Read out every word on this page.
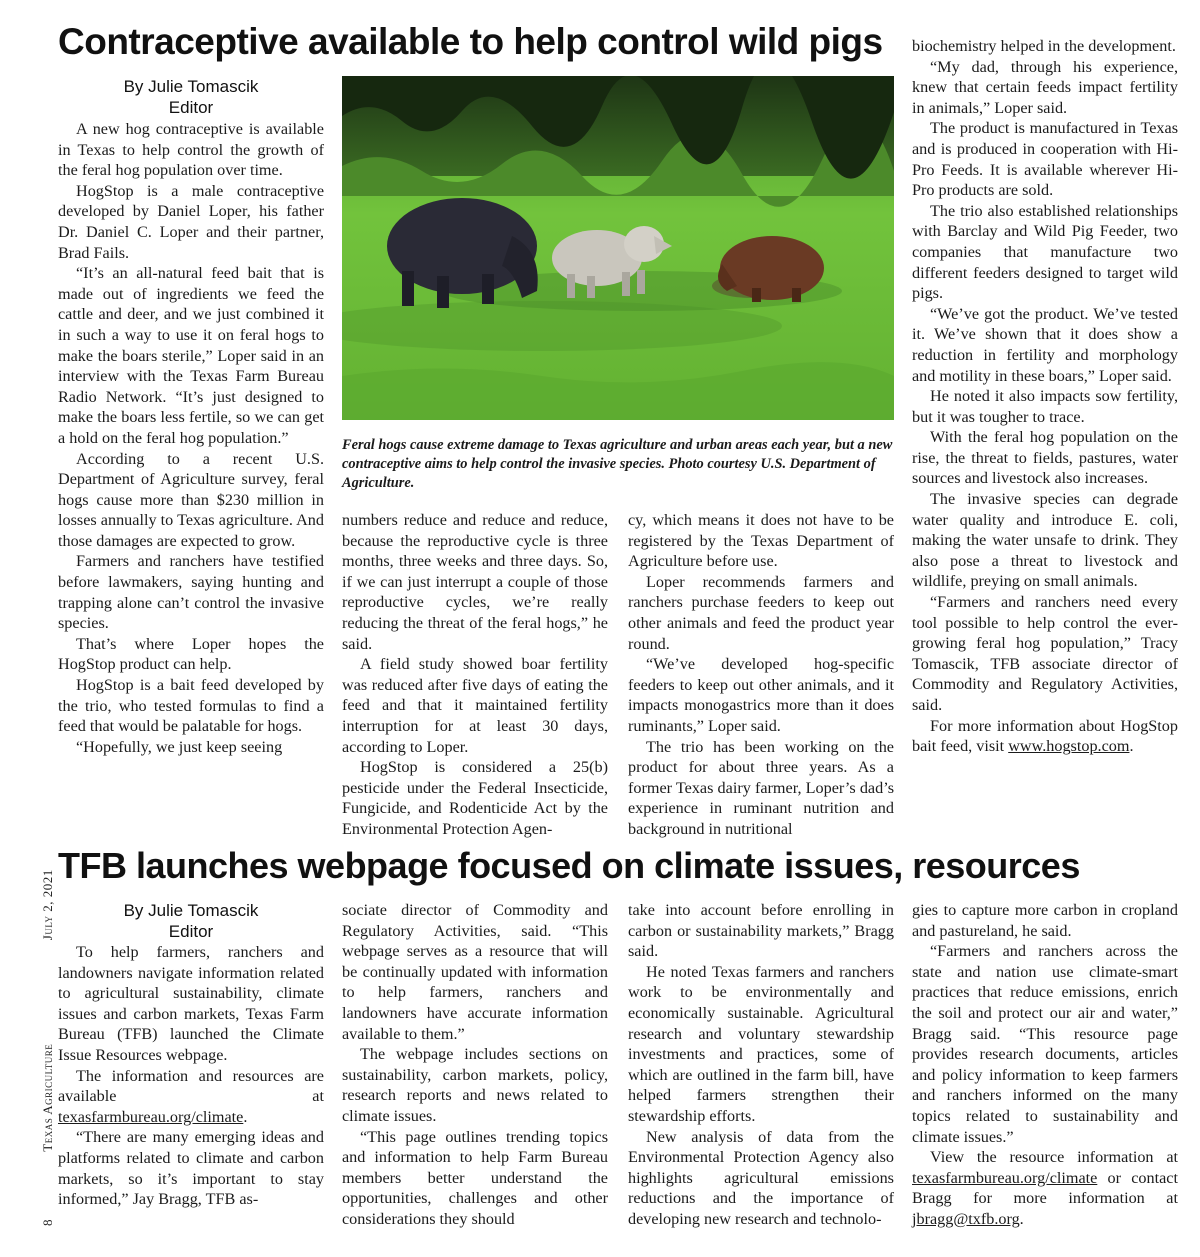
Contraceptive available to help control wild pigs
By Julie Tomascik
Editor

A new hog contraceptive is available in Texas to help control the growth of the feral hog population over time.

HogStop is a male contraceptive developed by Daniel Loper, his father Dr. Daniel C. Loper and their partner, Brad Fails.

“It’s an all-natural feed bait that is made out of ingredients we feed the cattle and deer, and we just combined it in such a way to use it on feral hogs to make the boars sterile,” Loper said in an interview with the Texas Farm Bureau Radio Network. “It’s just designed to make the boars less fertile, so we can get a hold on the feral hog population.”

According to a recent U.S. Department of Agriculture survey, feral hogs cause more than $230 million in losses annually to Texas agriculture. And those damages are expected to grow.

Farmers and ranchers have testified before lawmakers, saying hunting and trapping alone can’t control the invasive species.

That’s where Loper hopes the HogStop product can help.

HogStop is a bait feed developed by the trio, who tested formulas to find a feed that would be palatable for hogs.

“Hopefully, we just keep seeing

Feral hogs cause extreme damage to Texas agriculture and urban areas each year, but a new contraceptive aims to help control the invasive species. Photo courtesy U.S. Department of Agriculture.

numbers reduce and reduce and reduce, because the reproductive cycle is three months, three weeks and three days. So, if we can just interrupt a couple of those reproductive cycles, we’re really reducing the threat of the feral hogs,” he said.

A field study showed boar fertility was reduced after five days of eating the feed and that it maintained fertility interruption for at least 30 days, according to Loper.

HogStop is considered a 25(b) pesticide under the Federal Insecticide, Fungicide, and Rodenticide Act by the Environmental Protection Agen-

cy, which means it does not have to be registered by the Texas Department of Agriculture before use.

Loper recommends farmers and ranchers purchase feeders to keep out other animals and feed the product year round.

“We’ve developed hog-specific feeders to keep out other animals, and it impacts monogastrics more than it does ruminants,” Loper said.

The trio has been working on the product for about three years. As a former Texas dairy farmer, Loper’s dad’s experience in ruminant nutrition and background in nutritional

biochemistry helped in the development.

“My dad, through his experience, knew that certain feeds impact fertility in animals,” Loper said.

The product is manufactured in Texas and is produced in cooperation with Hi-Pro Feeds. It is available wherever Hi-Pro products are sold.

The trio also established relationships with Barclay and Wild Pig Feeder, two companies that manufacture two different feeders designed to target wild pigs.

“We’ve got the product. We’ve tested it. We’ve shown that it does show a reduction in fertility and morphology and motility in these boars,” Loper said.

He noted it also impacts sow fertility, but it was tougher to trace.

With the feral hog population on the rise, the threat to fields, pastures, water sources and livestock also increases.

The invasive species can degrade water quality and introduce E. coli, making the water unsafe to drink. They also pose a threat to livestock and wildlife, preying on small animals.

“Farmers and ranchers need every tool possible to help control the ever-growing feral hog population,” Tracy Tomascik, TFB associate director of Commodity and Regulatory Activities, said.

For more information about HogStop bait feed, visit www.hogstop.com.

TFB launches webpage focused on climate issues, resources
By Julie Tomascik
Editor

To help farmers, ranchers and landowners navigate information related to agricultural sustainability, climate issues and carbon markets, Texas Farm Bureau (TFB) launched the Climate Issue Resources webpage.

The information and resources are available at texasfarmbureau.org/climate.

“There are many emerging ideas and platforms related to climate and carbon markets, so it’s important to stay informed,” Jay Bragg, TFB as-

sociate director of Commodity and Regulatory Activities, said. “This webpage serves as a resource that will be continually updated with information to help farmers, ranchers and landowners have accurate information available to them.”

The webpage includes sections on sustainability, carbon markets, policy, research reports and news related to climate issues.

“This page outlines trending topics and information to help Farm Bureau members better understand the opportunities, challenges and other considerations they should

take into account before enrolling in carbon or sustainability markets,” Bragg said.

He noted Texas farmers and ranchers work to be environmentally and economically sustainable. Agricultural research and voluntary stewardship investments and practices, some of which are outlined in the farm bill, have helped farmers strengthen their stewardship efforts.

New analysis of data from the Environmental Protection Agency also highlights agricultural emissions reductions and the importance of developing new research and technolo-

gies to capture more carbon in cropland and pastureland, he said.

“Farmers and ranchers across the state and nation use climate-smart practices that reduce emissions, enrich the soil and protect our air and water,” Bragg said. “This resource page provides research documents, articles and policy information to keep farmers and ranchers informed on the many topics related to sustainability and climate issues.”

View the resource information at texasfarmbureau.org/climate or contact Bragg for more information at jbragg@txfb.org.

8  Texas Agriculture  July 2, 2021
